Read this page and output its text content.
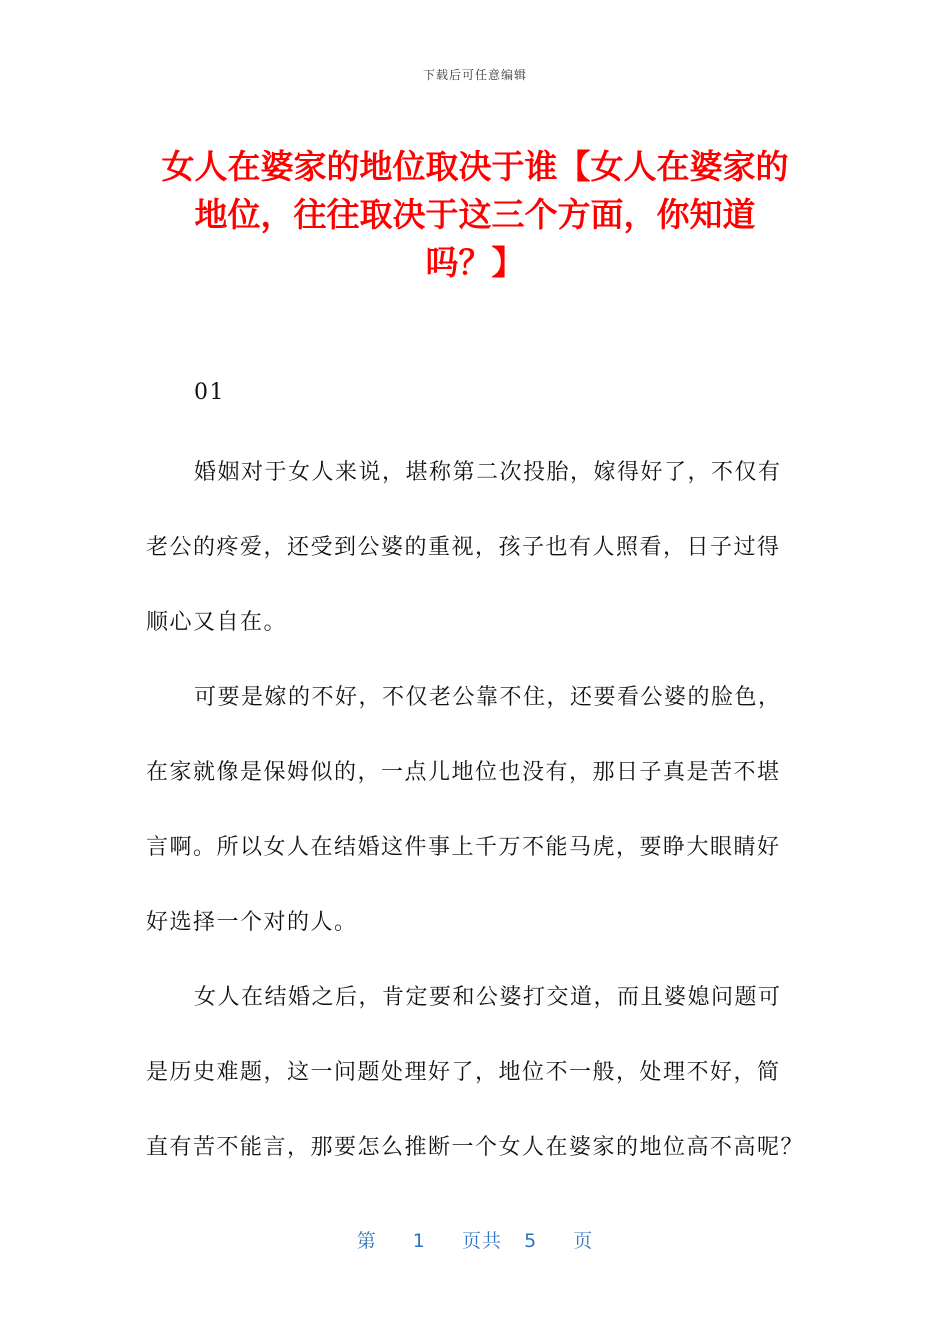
下载后可任意编辑
女人在婆家的地位取决于谁【女人在婆家的
地位，往往取决于这三个方面，你知道
吗？】
01
婚姻对于女人来说，堪称第二次投胎，嫁得好了，不仅有
老公的疼爱，还受到公婆的重视，孩子也有人照看，日子过得
顺心又自在。
可要是嫁的不好，不仅老公靠不住，还要看公婆的脸色，
在家就像是保姆似的，一点儿地位也没有，那日子真是苦不堪
言啊。所以女人在结婚这件事上千万不能马虎，要睁大眼睛好
好选择一个对的人。
女人在结婚之后，肯定要和公婆打交道，而且婆媳问题可
是历史难题，这一问题处理好了，地位不一般，处理不好，简
直有苦不能言，那要怎么推断一个女人在婆家的地位高不高呢？
第 1 页共 5 页
